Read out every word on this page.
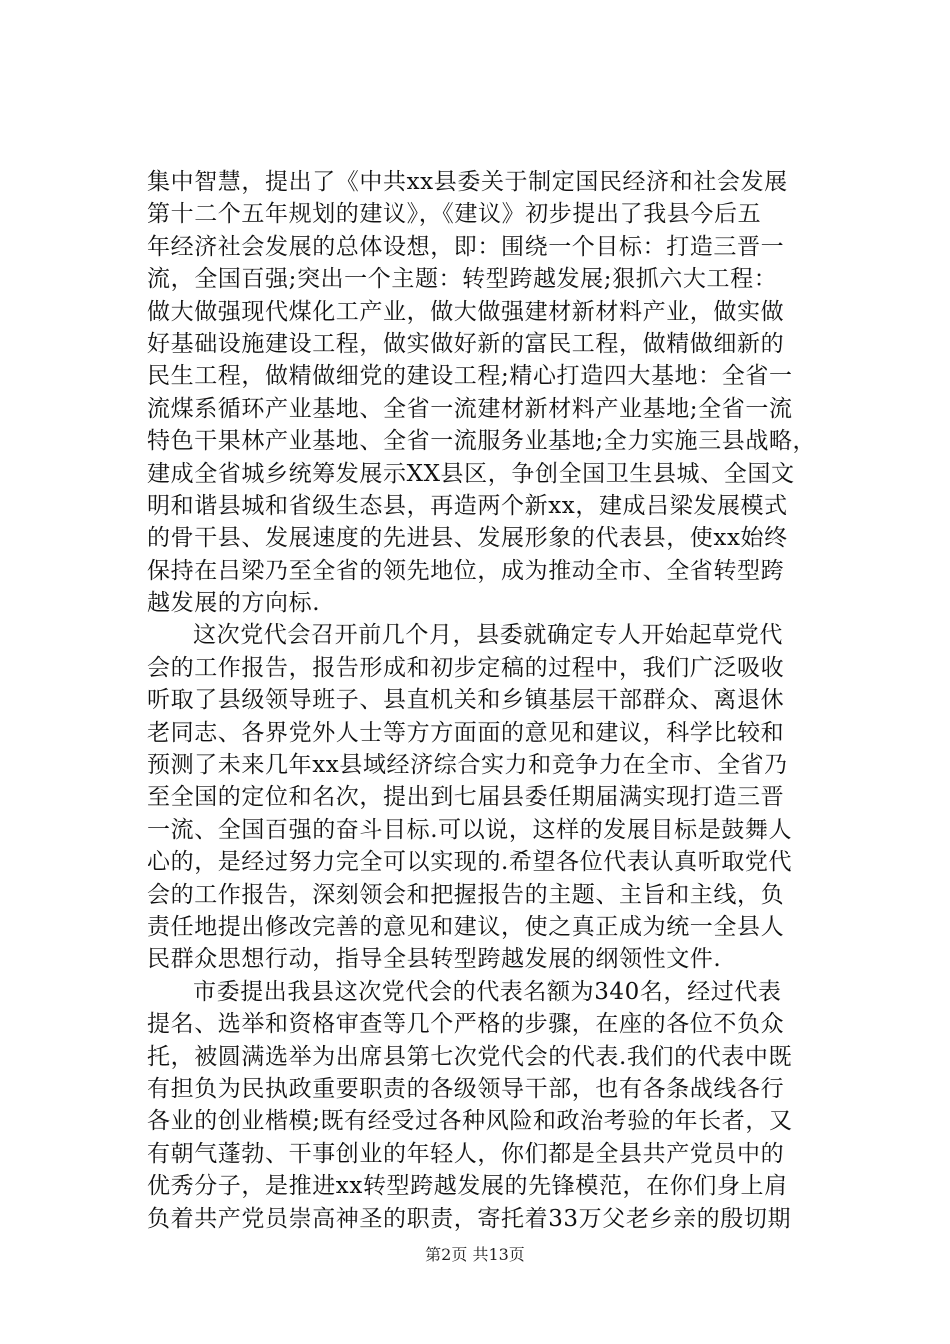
集中智慧，提出了《中共xx县委关于制定国民经济和社会发展
第十二个五年规划的建议》，《建议》初步提出了我县今后五
年经济社会发展的总体设想，即：围绕一个目标：打造三晋一
流，全国百强;突出一个主题：转型跨越发展;狠抓六大工程：
做大做强现代煤化工产业，做大做强建材新材料产业，做实做
好基础设施建设工程，做实做好新的富民工程，做精做细新的
民生工程，做精做细党的建设工程;精心打造四大基地：全省一
流煤系循环产业基地、全省一流建材新材料产业基地;全省一流
特色干果林产业基地、全省一流服务业基地;全力实施三县战略，
建成全省城乡统筹发展示XX县区，争创全国卫生县城、全国文
明和谐县城和省级生态县，再造两个新xx，建成吕梁发展模式
的骨干县、发展速度的先进县、发展形象的代表县，使xx始终
保持在吕梁乃至全省的领先地位，成为推动全市、全省转型跨
越发展的方向标.
这次党代会召开前几个月，县委就确定专人开始起草党代
会的工作报告，报告形成和初步定稿的过程中，我们广泛吸收
听取了县级领导班子、县直机关和乡镇基层干部群众、离退休
老同志、各界党外人士等方方面面的意见和建议，科学比较和
预测了未来几年xx县域经济综合实力和竞争力在全市、全省乃
至全国的定位和名次，提出到七届县委任期届满实现打造三晋
一流、全国百强的奋斗目标.可以说，这样的发展目标是鼓舞人
心的，是经过努力完全可以实现的.希望各位代表认真听取党代
会的工作报告，深刻领会和把握报告的主题、主旨和主线，负
责任地提出修改完善的意见和建议，使之真正成为统一全县人
民群众思想行动，指导全县转型跨越发展的纲领性文件.
市委提出我县这次党代会的代表名额为340名，经过代表
提名、选举和资格审查等几个严格的步骤，在座的各位不负众
托，被圆满选举为出席县第七次党代会的代表.我们的代表中既
有担负为民执政重要职责的各级领导干部，也有各条战线各行
各业的创业楷模;既有经受过各种风险和政治考验的年长者，又
有朝气蓬勃、干事创业的年轻人，你们都是全县共产党员中的
优秀分子，是推进xx转型跨越发展的先锋模范，在你们身上肩
负着共产党员崇高神圣的职责，寄托着33万父老乡亲的殷切期
第2页 共13页
